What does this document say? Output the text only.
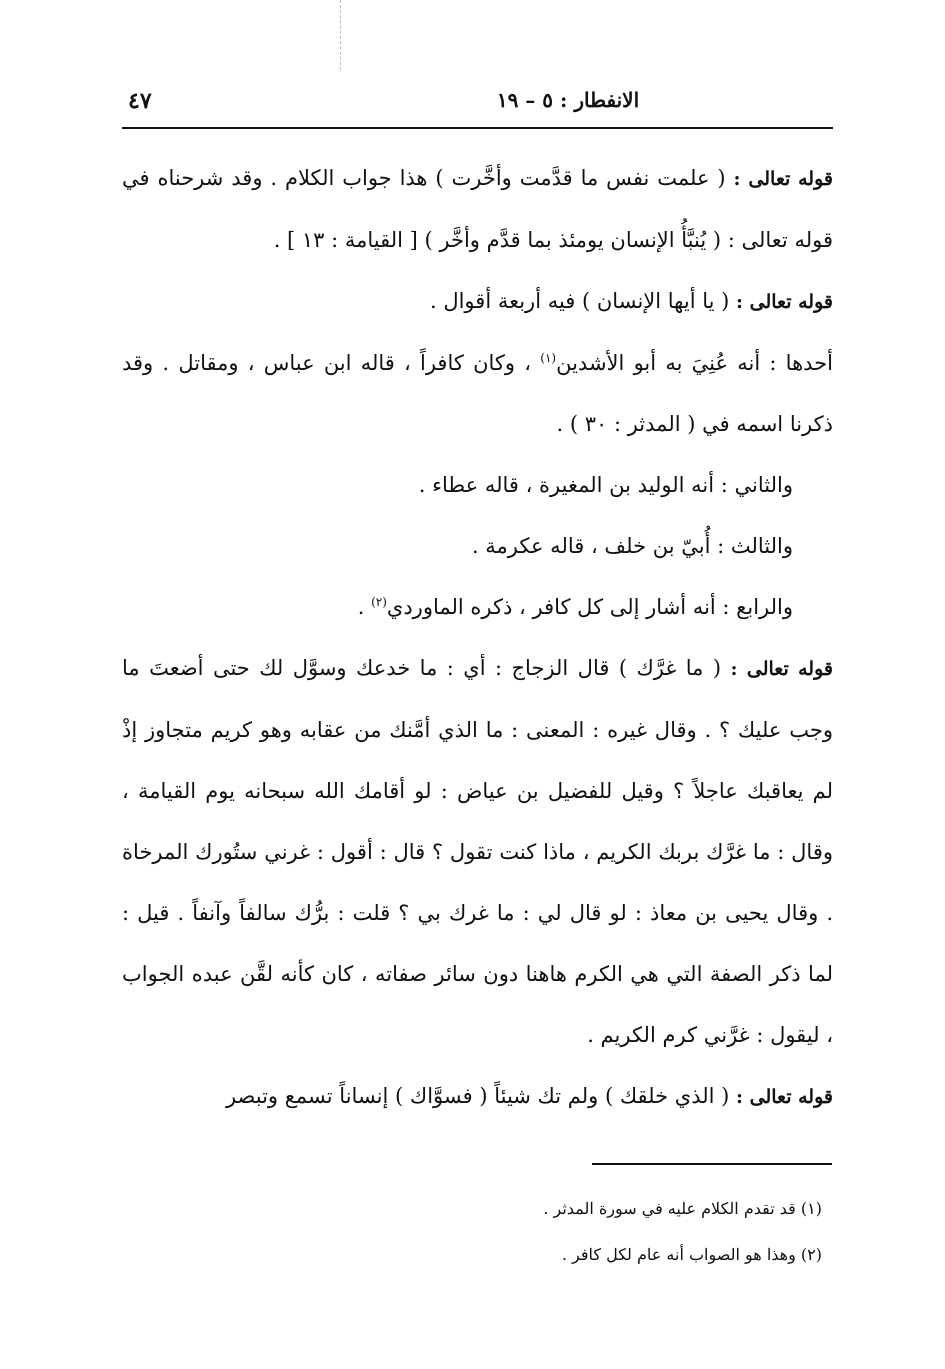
٤٧	الانفطار : ٥ – ١٩

قوله تعالى : ( علمت نفس ما قدَّمت وأخَّرت ) هذا جواب الكلام . وقد شرحناه في قوله تعالى : ( يُنبَّأُ الإنسان يومئذ بما قدَّم وأخَّر ) [ القيامة : ١٣ ] .

قوله تعالى : ( يا أيها الإنسان ) فيه أربعة أقوال .

أحدها : أنه عُنِيَ به أبو الأشدين$^{(١)}$ ، وكان كافراً ، قاله ابن عباس ، ومقاتل . وقد ذكرنا اسمه في ( المدثر : ٣٠ ) .

والثاني : أنه الوليد بن المغيرة ، قاله عطاء .

والثالث : أُبيّ بن خلف ، قاله عكرمة .

والرابع : أنه أشار إلى كل كافر ، ذكره الماوردي$^{(٢)}$ .

قوله تعالى : ( ما غرَّك ) قال الزجاج : أي : ما خدعك وسوَّل لك حتى أضعتَ ما وجب عليك ؟ . وقال غيره : المعنى : ما الذي أمَّنك من عقابه وهو كريم متجاوز إذْ لم يعاقبك عاجلاً ؟ وقيل للفضيل بن عياض : لو أقامك الله سبحانه يوم القيامة ، وقال : ما غرَّك بربك الكريم ، ماذا كنت تقول ؟ قال : أقول : غرني ستُورك المرخاة . وقال يحيى بن معاذ : لو قال لي : ما غرك بي ؟ قلت : برُّك سالفاً وآنفاً . قيل : لما ذكر الصفة التي هي الكرم هاهنا دون سائر صفاته ، كان كأنه لقَّن عبده الجواب ، ليقول : غرَّني كرم الكريم .

قوله تعالى : ( الذي خلقك ) ولم تك شيئاً ( فسوَّاك ) إنساناً تسمع وتبصر

(١) قد تقدم الكلام عليه في سورة المدثر .

(٢) وهذا هو الصواب أنه عام لكل كافر .
